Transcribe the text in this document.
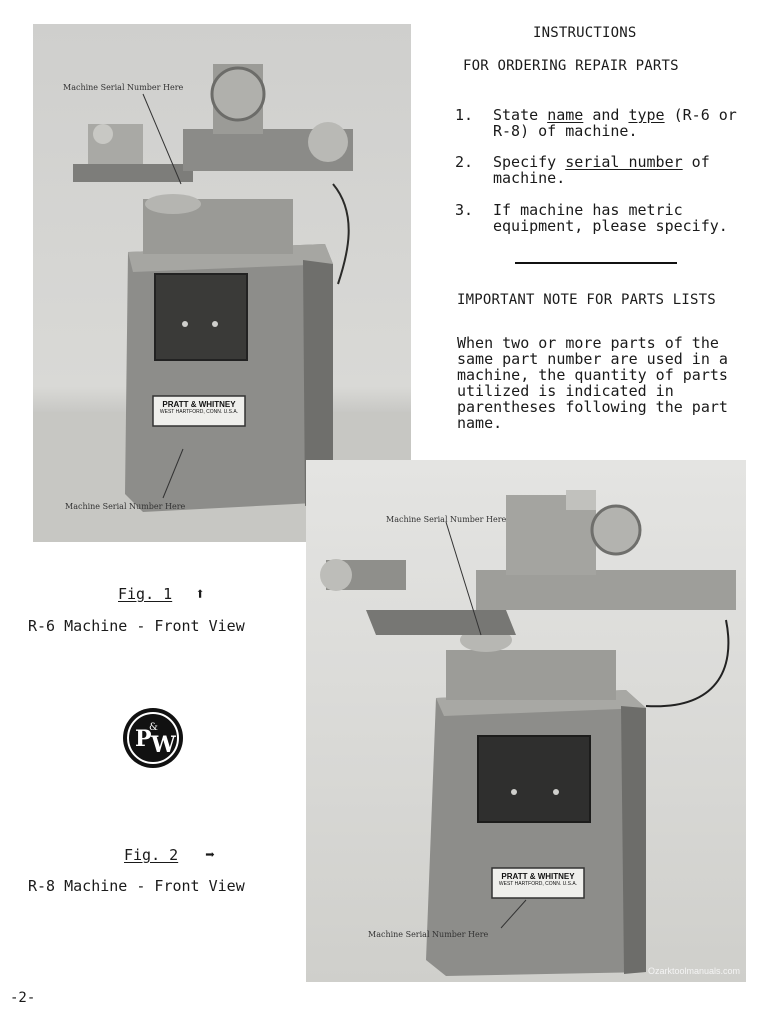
INSTRUCTIONS
FOR ORDERING REPAIR PARTS
1.	State name and type (R-6 or R-8) of machine.
2.	Specify serial number of machine.
3.	If machine has metric equipment, please specify.
IMPORTANT NOTE FOR PARTS LISTS
When two or more parts of the same part number are used in a machine, the quantity of parts utilized is indicated in parentheses following the part name.
Machine Serial Number Here
Machine Serial Number Here
PRATT & WHITNEY
WEST HARTFORD, CONN. U.S.A.
Machine Serial Number Here
Machine Serial Number Here
PRATT & WHITNEY
WEST HARTFORD, CONN. U.S.A.
Ozarktoolmanuals.com
Fig. 1 ⬆
R-6 Machine - Front View
P W
&
Fig. 2 ➡
R-8 Machine - Front View
-2-
